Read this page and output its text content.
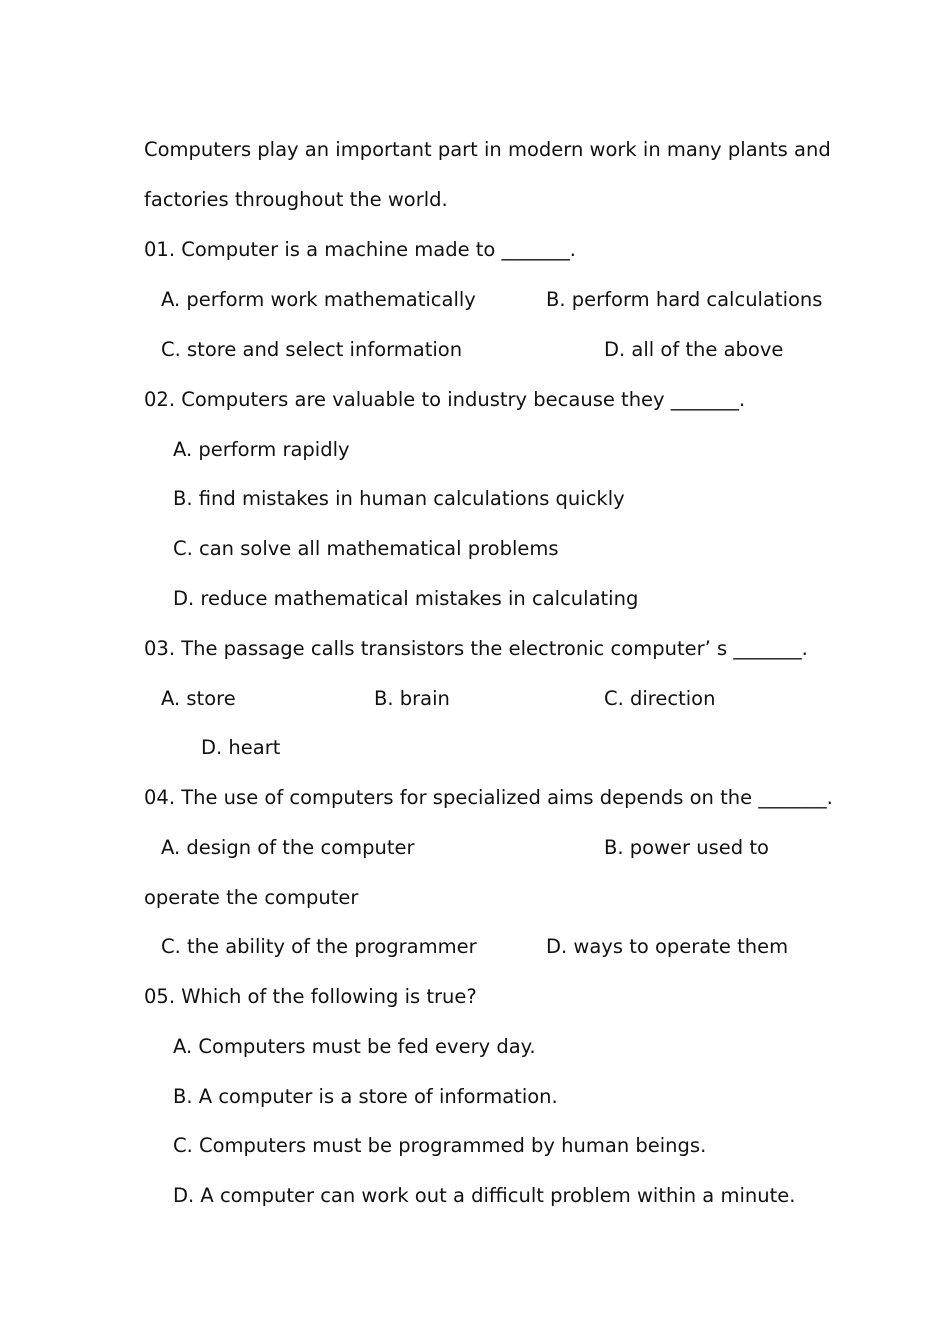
Computers play an important part in modern work in many plants and
factories throughout the world.
01. Computer is a machine made to _______.
A. perform work mathematically	B. perform hard calculations
C. store and select information	D. all of the above
02. Computers are valuable to industry because they _______.
A. perform rapidly
B. find mistakes in human calculations quickly
C. can solve all mathematical problems
D. reduce mathematical mistakes in calculating
03. The passage calls transistors the electronic computer’ s _______.
A. store	B. brain	C. direction
D. heart
04. The use of computers for specialized aims depends on the _______.
A. design of the computer	B. power used to
operate the computer
C. the ability of the programmer	D. ways to operate them
05. Which of the following is true?
A. Computers must be fed every day.
B. A computer is a store of information.
C. Computers must be programmed by human beings.
D. A computer can work out a difficult problem within a minute.
